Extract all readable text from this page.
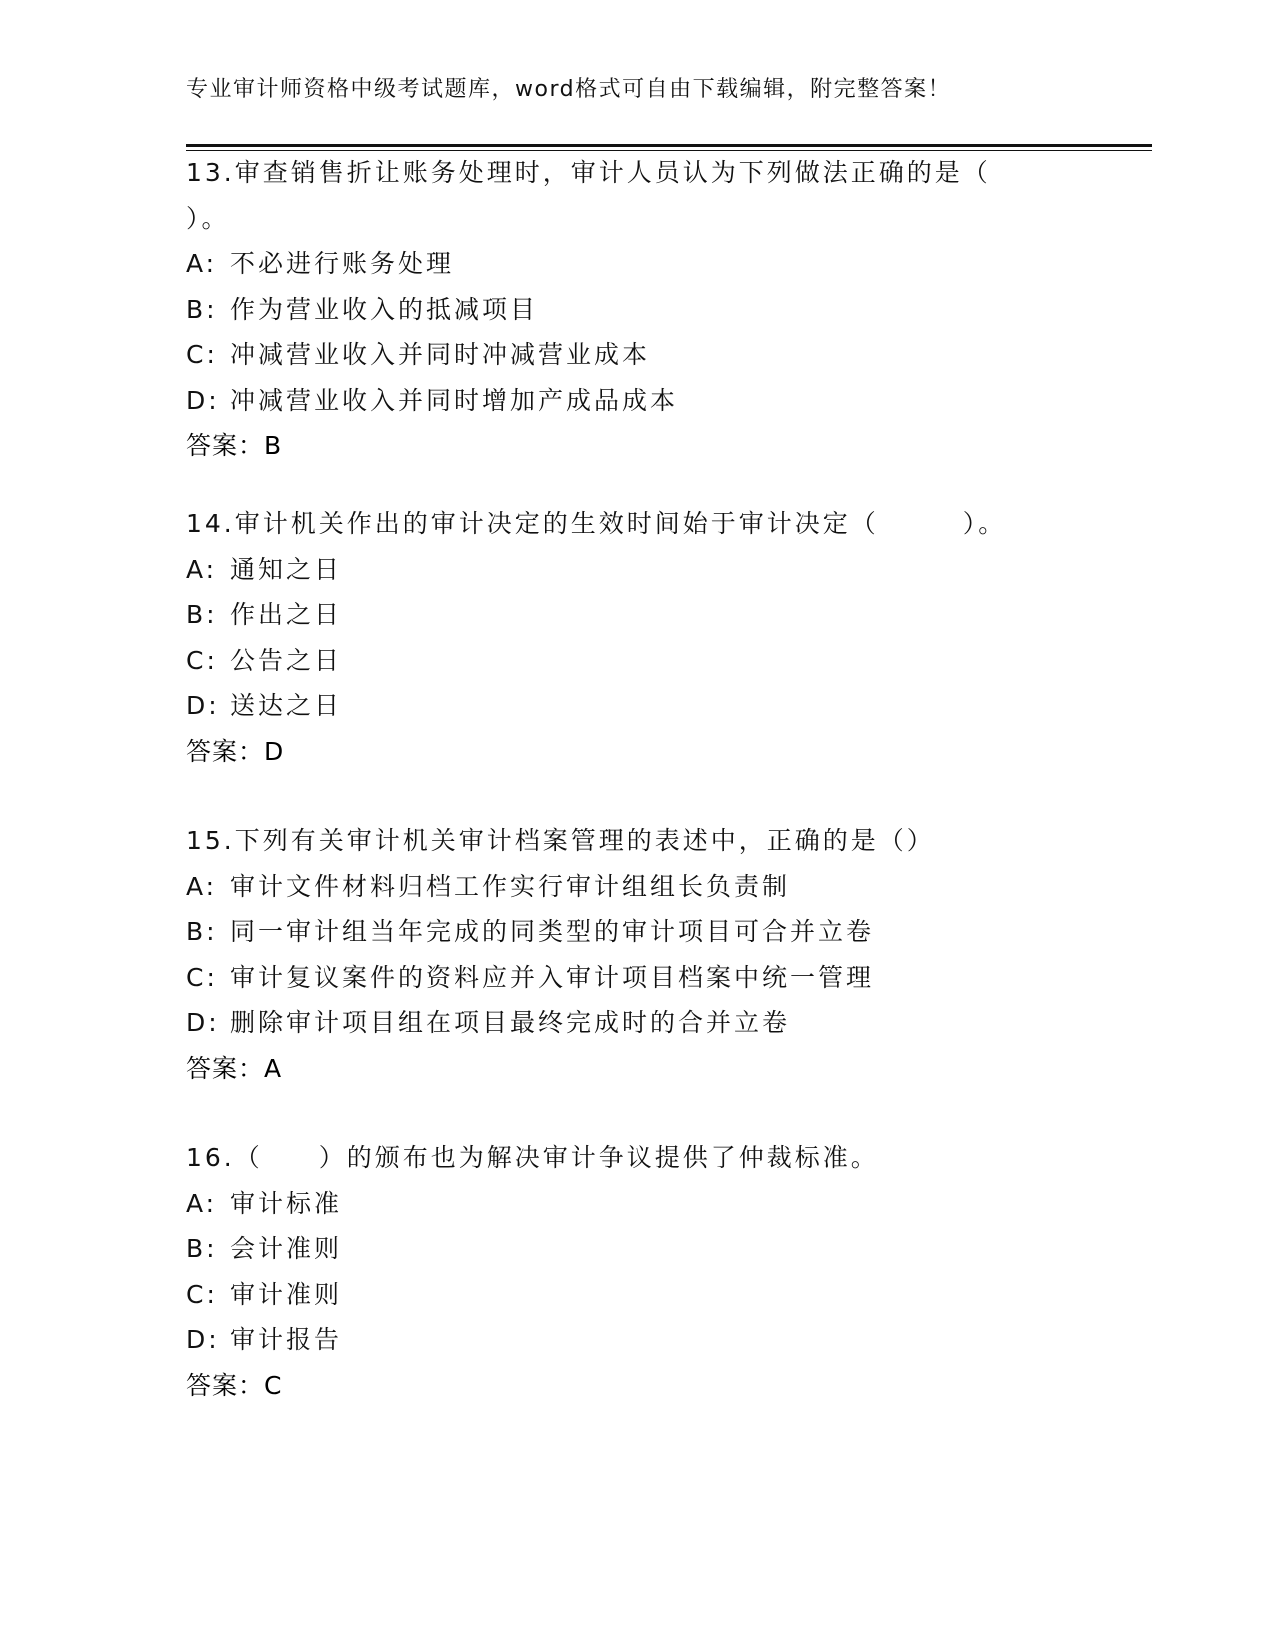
专业审计师资格中级考试题库，word格式可自由下载编辑，附完整答案！
13.审查销售折让账务处理时，审计人员认为下列做法正确的是（
）。
A: 不必进行账务处理
B: 作为营业收入的抵减项目
C: 冲减营业收入并同时冲减营业成本
D: 冲减营业收入并同时增加产成品成本
答案：B
14.审计机关作出的审计决定的生效时间始于审计决定（　　　）。
A: 通知之日
B: 作出之日
C: 公告之日
D: 送达之日
答案：D
15.下列有关审计机关审计档案管理的表述中，正确的是（）
A: 审计文件材料归档工作实行审计组组长负责制
B: 同一审计组当年完成的同类型的审计项目可合并立卷
C: 审计复议案件的资料应并入审计项目档案中统一管理
D: 删除审计项目组在项目最终完成时的合并立卷
答案：A
16.（　　）的颁布也为解决审计争议提供了仲裁标准。
A: 审计标准
B: 会计准则
C: 审计准则
D: 审计报告
答案：C
